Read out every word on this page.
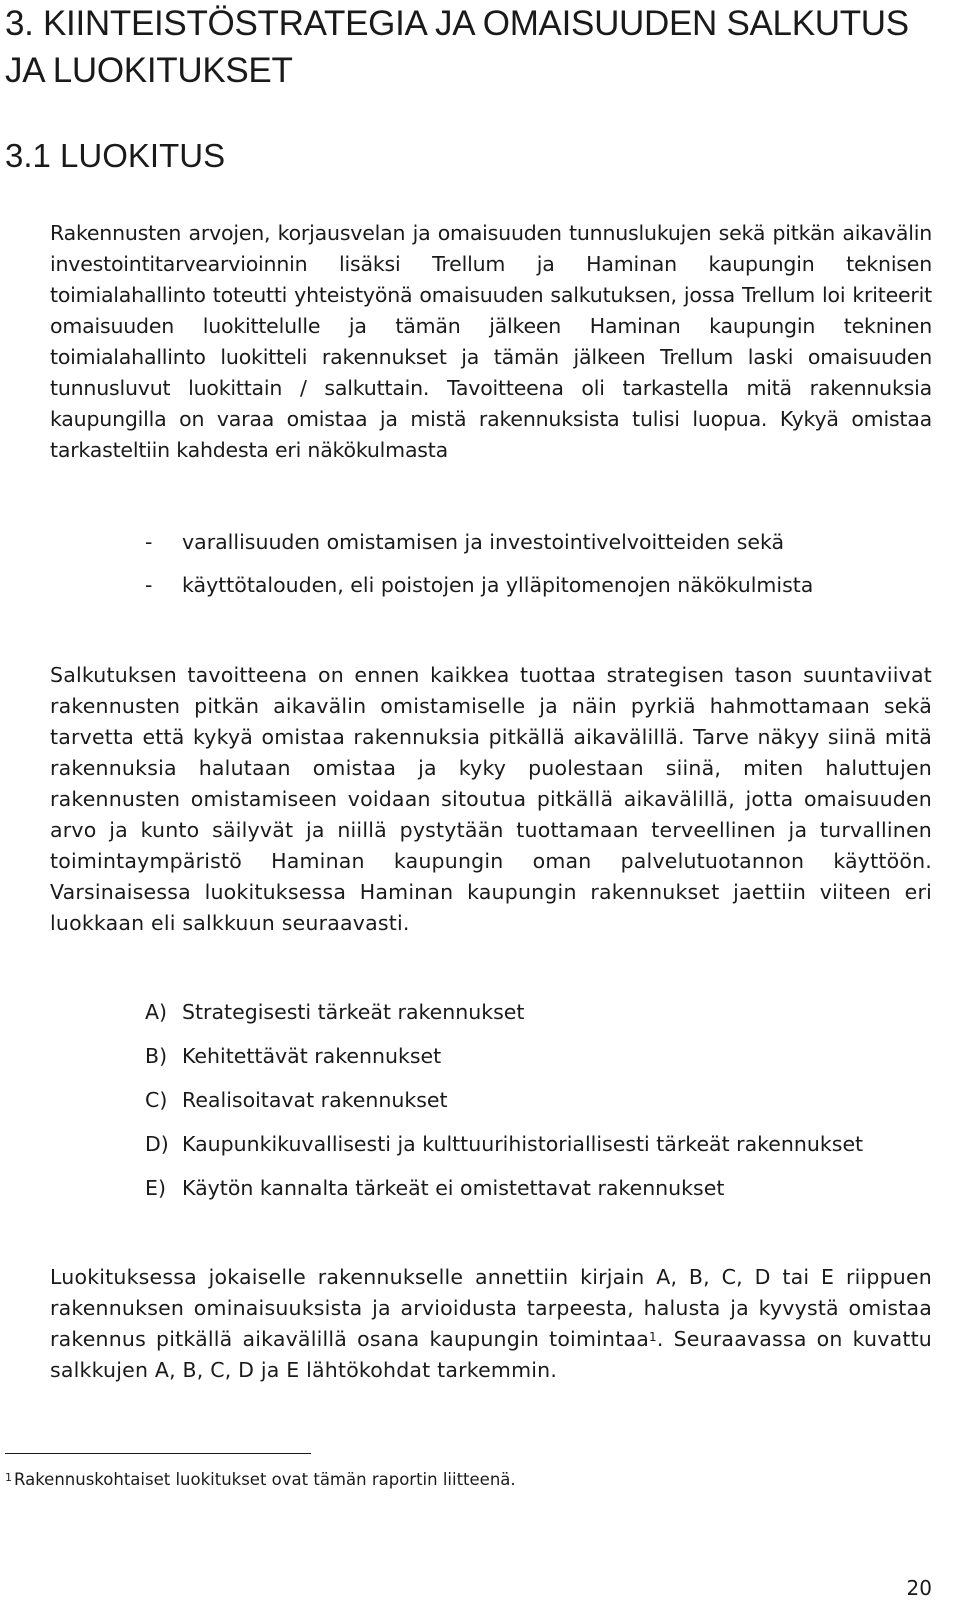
3. KIINTEISTÖSTRATEGIA JA OMAISUUDEN SALKUTUS JA LUOKITUKSET
3.1 LUOKITUS

Rakennusten arvojen, korjausvelan ja omaisuuden tunnuslukujen sekä pitkän aikavälin investointitarvearvioinnin lisäksi Trellum ja Haminan kaupungin teknisen toimialahallinto toteutti yhteistyönä omaisuuden salkutuksen, jossa Trellum loi kriteerit omaisuuden luokittelulle ja tämän jälkeen Haminan kaupungin tekninen toimialahallinto luokitteli rakennukset ja tämän jälkeen Trellum laski omaisuuden tunnusluvut luokittain / salkuttain. Tavoitteena oli tarkastella mitä rakennuksia kaupungilla on varaa omistaa ja mistä rakennuksista tulisi luopua. Kykyä omistaa tarkasteltiin kahdesta eri näkökulmasta

- varallisuuden omistamisen ja investointivelvoitteiden sekä
- käyttötalouden, eli poistojen ja ylläpitomenojen näkökulmista

Salkutuksen tavoitteena on ennen kaikkea tuottaa strategisen tason suuntaviivat rakennusten pitkän aikavälin omistamiselle ja näin pyrkiä hahmottamaan sekä tarvetta että kykyä omistaa rakennuksia pitkällä aikavälillä. Tarve näkyy siinä mitä rakennuksia halutaan omistaa ja kyky puolestaan siinä, miten haluttujen rakennusten omistamiseen voidaan sitoutua pitkällä aikavälillä, jotta omaisuuden arvo ja kunto säilyvät ja niillä pystytään tuottamaan terveellinen ja turvallinen toimintaympäristö Haminan kaupungin oman palvelutuotannon käyttöön. Varsinaisessa luokituksessa Haminan kaupungin rakennukset jaettiin viiteen eri luokkaan eli salkkuun seuraavasti.

A) Strategisesti tärkeät rakennukset
B) Kehitettävät rakennukset
C) Realisoitavat rakennukset
D) Kaupunkikuvallisesti ja kulttuurihistoriallisesti tärkeät rakennukset
E) Käytön kannalta tärkeät ei omistettavat rakennukset

Luokituksessa jokaiselle rakennukselle annettiin kirjain A, B, C, D tai E riippuen rakennuksen ominaisuuksista ja arvioidusta tarpeesta, halusta ja kyvystä omistaa rakennus pitkällä aikavälillä osana kaupungin toimintaa$^1$. Seuraavassa on kuvattu salkkujen A, B, C, D ja E lähtökohdat tarkemmin.

$^1$ Rakennuskohtaiset luokitukset ovat tämän raportin liitteenä.
20
